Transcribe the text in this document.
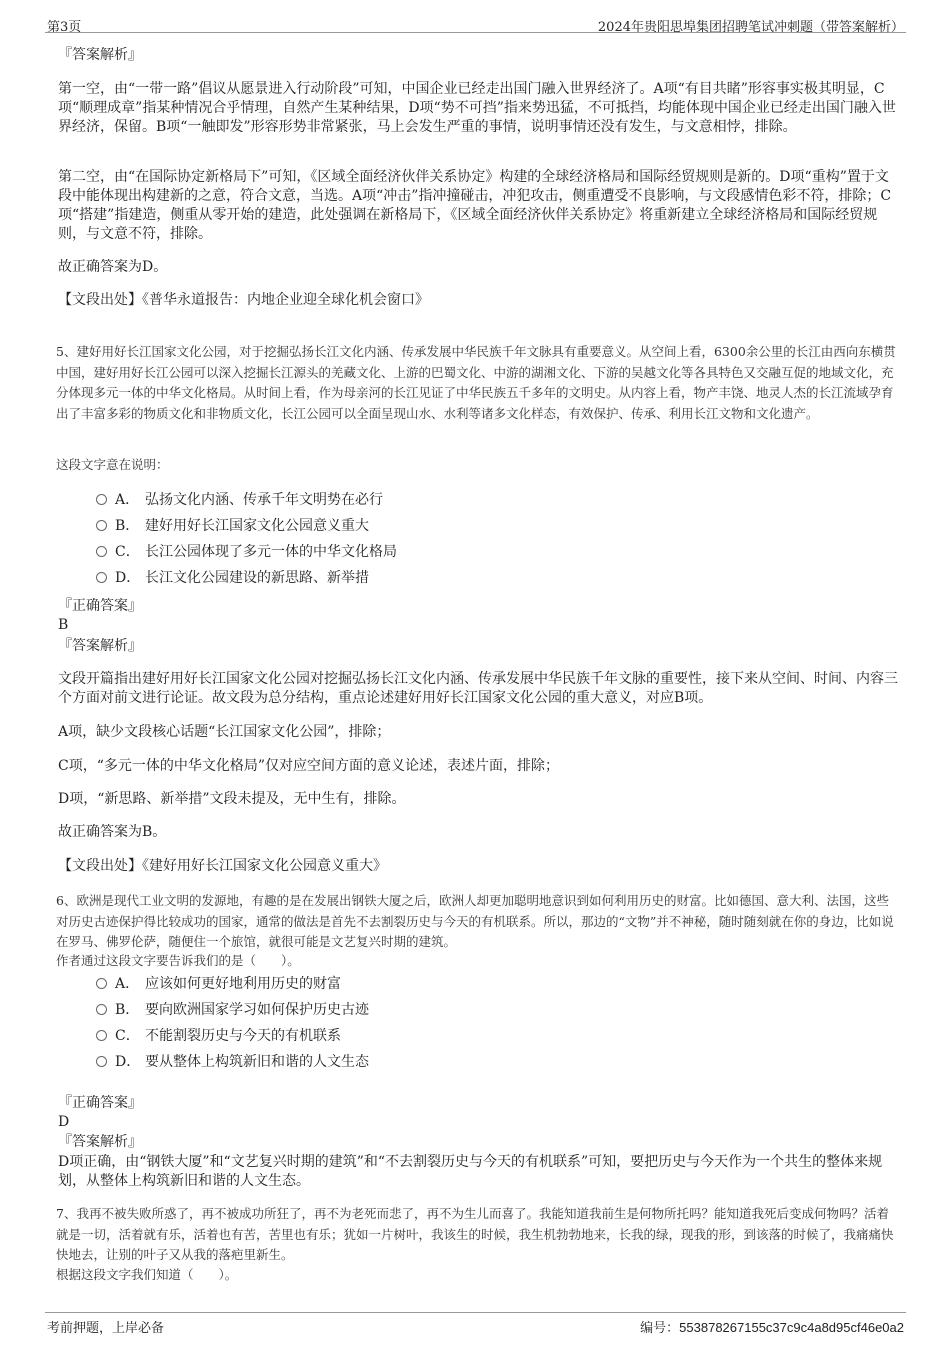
第3页	2024年贵阳思埠集团招聘笔试冲刺题（带答案解析）

『答案解析』

第一空，由“一带一路”倡议从愿景进入行动阶段”可知，中国企业已经走出国门融入世界经济了。A项“有目共睹”形容事实极其明显，C项“顺理成章”指某种情况合乎情理，自然产生某种结果，D项“势不可挡”指来势迅猛，不可抵挡，均能体现中国企业已经走出国门融入世界经济，保留。B项“一触即发”形容形势非常紧张，马上会发生严重的事情，说明事情还没有发生，与文意相悖，排除。

第二空，由“在国际协定新格局下”可知，《区域全面经济伙伴关系协定》构建的全球经济格局和国际经贸规则是新的。D项“重构”置于文段中能体现出构建新的之意，符合文意，当选。A项“冲击”指冲撞碰击，冲犯攻击，侧重遭受不良影响，与文段感情色彩不符，排除；C项“搭建”指建造，侧重从零开始的建造，此处强调在新格局下，《区域全面经济伙伴关系协定》将重新建立全球经济格局和国际经贸规则，与文意不符，排除。

故正确答案为D。

【文段出处】《普华永道报告：内地企业迎全球化机会窗口》

5、建好用好长江国家文化公园，对于挖掘弘扬长江文化内涵、传承发展中华民族千年文脉具有重要意义。从空间上看，6300余公里的长江由西向东横贯中国，建好用好长江公园可以深入挖掘长江源头的羌藏文化、上游的巴蜀文化、中游的湖湘文化、下游的吴越文化等各具特色又交融互促的地域文化，充分体现多元一体的中华文化格局。从时间上看，作为母亲河的长江见证了中华民族五千多年的文明史。从内容上看，物产丰饶、地灵人杰的长江流域孕育出了丰富多彩的物质文化和非物质文化，长江公园可以全面呈现山水、水利等诸多文化样态，有效保护、传承、利用长江文物和文化遗产。

这段文字意在说明：

A． 弘扬文化内涵、传承千年文明势在必行
B． 建好用好长江国家文化公园意义重大
C． 长江公园体现了多元一体的中华文化格局
D． 长江文化公园建设的新思路、新举措

『正确答案』

B

『答案解析』

文段开篇指出建好用好长江国家文化公园对挖掘弘扬长江文化内涵、传承发展中华民族千年文脉的重要性，接下来从空间、时间、内容三个方面对前文进行论证。故文段为总分结构，重点论述建好用好长江国家文化公园的重大意义，对应B项。

A项，缺少文段核心话题“长江国家文化公园”，排除；

C项，“多元一体的中华文化格局”仅对应空间方面的意义论述，表述片面，排除；

D项，“新思路、新举措”文段未提及，无中生有，排除。

故正确答案为B。

【文段出处】《建好用好长江国家文化公园意义重大》

6、欧洲是现代工业文明的发源地，有趣的是在发展出钢铁大厦之后，欧洲人却更加聪明地意识到如何利用历史的财富。比如德国、意大利、法国，这些对历史古迹保护得比较成功的国家，通常的做法是首先不去割裂历史与今天的有机联系。所以，那边的“文物”并不神秘，随时随刻就在你的身边，比如说在罗马、佛罗伦萨，随便住一个旅馆，就很可能是文艺复兴时期的建筑。

作者通过这段文字要告诉我们的是（　　）。

A． 应该如何更好地利用历史的财富
B． 要向欧洲国家学习如何保护历史古迹
C． 不能割裂历史与今天的有机联系
D． 要从整体上构筑新旧和谐的人文生态

『正确答案』

D

『答案解析』

D项正确，由“钢铁大厦”和“文艺复兴时期的建筑”和“不去割裂历史与今天的有机联系”可知，要把历史与今天作为一个共生的整体来规划，从整体上构筑新旧和谐的人文生态。

7、我再不被失败所惑了，再不被成功所狂了，再不为老死而悲了，再不为生儿而喜了。我能知道我前生是何物所托吗？能知道我死后变成何物吗？活着就是一切，活着就有乐，活着也有苦，苦里也有乐；犹如一片树叶，我该生的时候，我生机勃勃地来，长我的绿，现我的形，到该落的时候了，我痛痛快快地去，让别的叶子又从我的落疤里新生。

根据这段文字我们知道（　　）。

考前押题，上岸必备	编号：553878267155c37c9c4a8d95cf46e0a2
